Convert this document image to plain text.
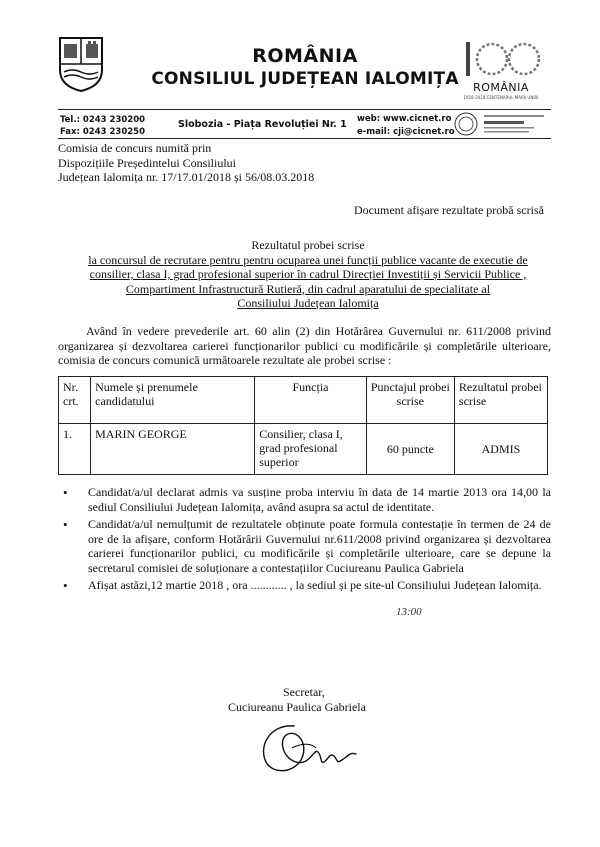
ROMÂNIA
CONSILIUL JUDEȚEAN IALOMIȚA	ROMÂNIA
1918-2018 CENTENARUL MARII UNIRI
Tel.: 0243 230200
Fax: 0243 230250
Slobozia - Piața Revoluției Nr. 1 web: www.cicnet.ro
e-mail: cji@cicnet.ro
Comisia de concurs numită prin
Dispozițiile Președintelui Consiliului
Județean Ialomița nr. 17/17.01/2018 și 56/08.03.2018
Document afișare rezultate probă scrisă
Rezultatul probei scrise
la concursul de recrutare pentru pentru ocuparea unei funcții publice vacante de executie de
consilier, clasa I, grad profesional superior în cadrul Direcției Investiții și Servicii Publice ,
Compartiment Infrastructură Rutieră, din cadrul aparatului de specialitate al
Consiliului Județean Ialomița
Având în vedere prevederile art. 60 alin (2) din Hotărârea Guvernului nr. 611/2008 privind organizarea și dezvoltarea carierei funcționarilor publici cu modificările și completările ulterioare, comisia de concurs comunică următoarele rezultate ale probei scrise :
Nr. crt.	Numele și prenumele candidatului	Funcția	Punctajul probei scrise	Rezultatul probei scrise
1.	MARIN GEORGE	Consilier, clasa I, grad profesional superior	60 puncte	ADMIS
• Candidat/a/ul declarat admis va susține proba interviu în data de 14 martie 2013 ora 14,00 la sediul Consiliului Județean Ialomița, având asupra sa actul de identitate.
• Candidat/a/ul nemulțumit de rezultatele obținute poate formula contestație în termen de 24 de ore de la afișare, conform Hotărârii Guvernului nr.611/2008 privind organizarea și dezvoltarea carierei funcționarilor publici, cu modificările și completările ulterioare, care se depune la secretarul comisiei de soluționare a contestațiilor Cuciureanu Paulica Gabriela
• Afișat astăzi,12 martie 2018 , ora ............ , la sediul și pe site-ul Consiliului Județean Ialomița.
13:00
Secretar,
Cuciureanu Paulica Gabriela
